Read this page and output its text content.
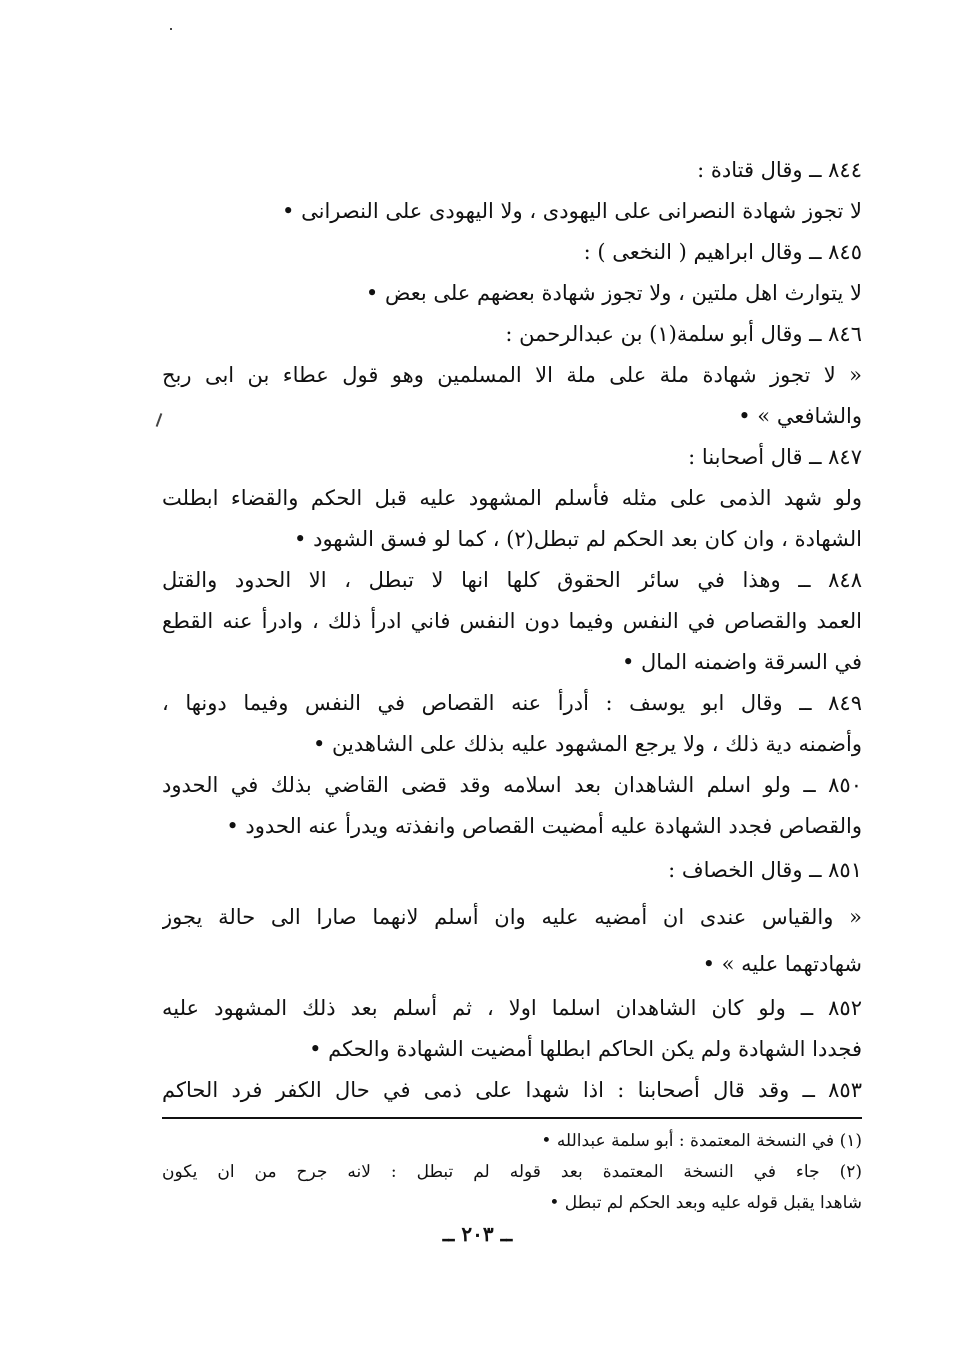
٨٤٤ ــ وقال قتادة :
لا تجوز شهادة النصرانى على اليهودى ، ولا اليهودى على النصرانى •
٨٤٥ ــ وقال ابراهيم ( النخعى ) :
لا يتوارث اهل ملتين ، ولا تجوز شهادة بعضهم على بعض •
٨٤٦ ــ وقال أبو سلمة(١) بن عبدالرحمن :
« لا تجوز شهادة ملة على ملة الا المسلمين وهو قول عطاء بن ابى ربح
والشافعي » •
٨٤٧ ــ قال أصحابنا :
ولو شهد الذمى على مثله فأسلم المشهود عليه قبل الحكم والقضاء ابطلت
الشهادة ، وان كان بعد الحكم لم تبطل(٢) ، كما لو فسق الشهود •
٨٤٨ ــ وهذا في سائر الحقوق كلها انها لا تبطل ، الا الحدود والقتل
العمد والقصاص في النفس وفيما دون النفس فاني ادرأ ذلك ، وادرأ عنه القطع
في السرقة واضمنه المال •
٨٤٩ ــ وقال ابو يوسف : أدرأ عنه القصاص في النفس وفيما دونها ،
وأضمنه دية ذلك ، ولا يرجع المشهود عليه بذلك على الشاهدين •
٨٥٠ ــ ولو اسلم الشاهدان بعد اسلامه وقد قضى القاضي بذلك في الحدود
والقصاص فجدد الشهادة عليه أمضيت القصاص وانفذته ويدرأ عنه الحدود •
٨٥١ ــ وقال الخصاف :
« والقياس عندى ان أمضيه عليه وان أسلم لانهما صارا الى حالة يجوز
شهادتهما عليه » •
٨٥٢ ــ ولو كان الشاهدان اسلما اولا ، ثم أسلم بعد ذلك المشهود عليه
فجددا الشهادة ولم يكن الحاكم ابطلها أمضيت الشهادة والحكم •
٨٥٣ ــ وقد قال أصحابنا : اذا شهدا على ذمى في حال الكفر فرد الحاكم
(١) في النسخة المعتمدة : أبو سلمة عبدالله •
(٢) جاء في النسخة المعتمدة بعد قوله لم تبطل : لانه جرح من ان يكون
شاهدا يقبل قوله عليه وبعد الحكم لم تبطل •
ــ ٢٠٣ ــ
